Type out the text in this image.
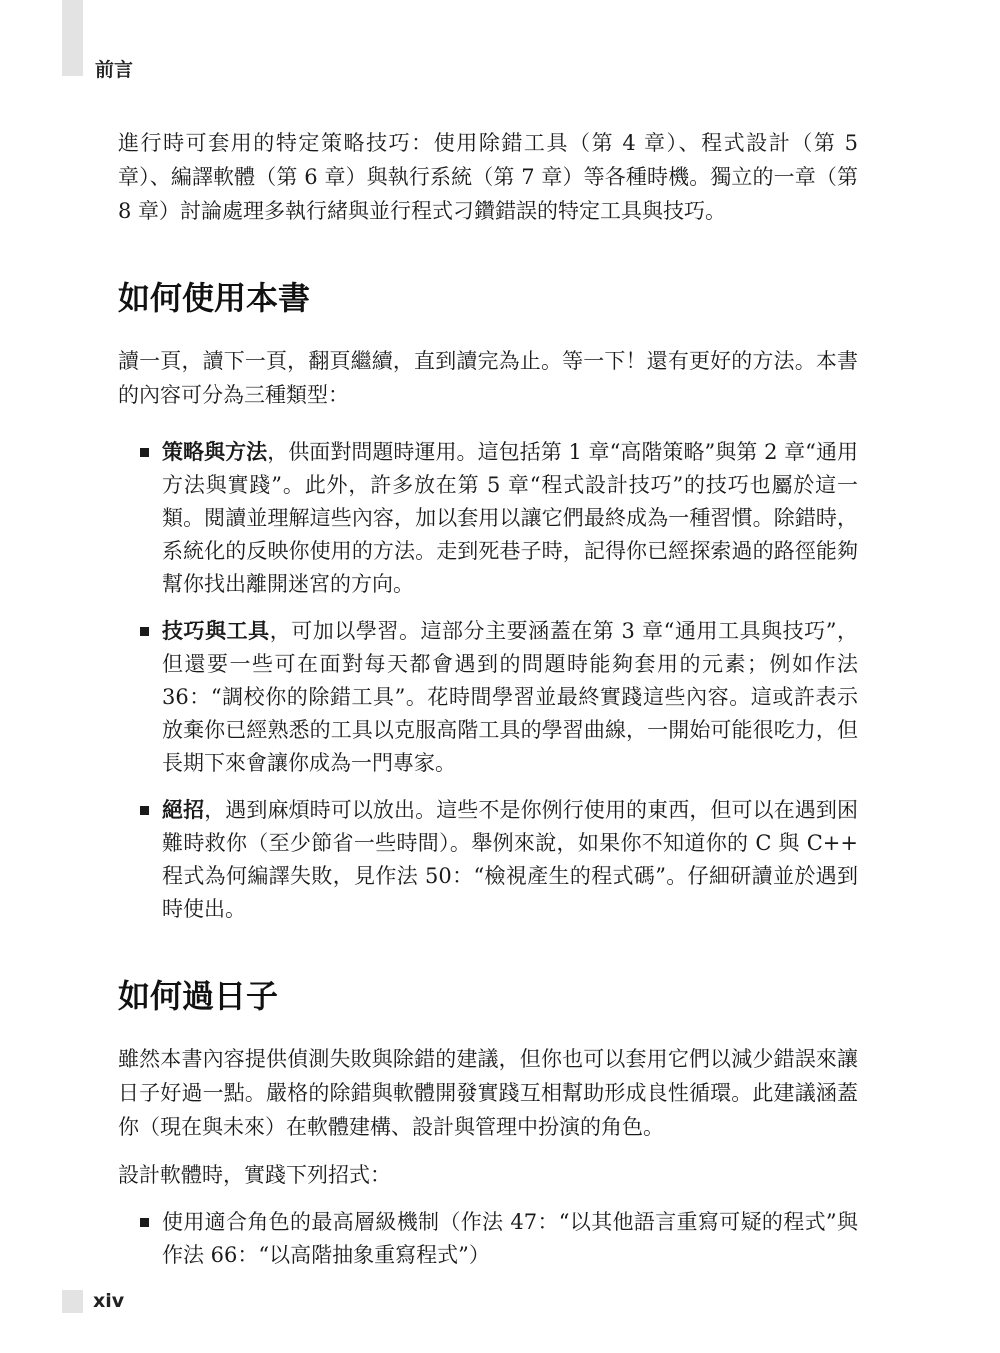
前言

進行時可套用的特定策略技巧：使用除錯工具（第 4 章）、程式設計（第 5 章）、編譯軟體（第 6 章）與執行系統（第 7 章）等各種時機。獨立的一章（第 8 章）討論處理多執行緒與並行程式刁鑽錯誤的特定工具與技巧。

如何使用本書

讀一頁，讀下一頁，翻頁繼續，直到讀完為止。等一下！還有更好的方法。本書的內容可分為三種類型：

策略與方法，供面對問題時運用。這包括第 1 章“高階策略”與第 2 章“通用方法與實踐”。此外，許多放在第 5 章“程式設計技巧”的技巧也屬於這一類。閱讀並理解這些內容，加以套用以讓它們最終成為一種習慣。除錯時，系統化的反映你使用的方法。走到死巷子時，記得你已經探索過的路徑能夠幫你找出離開迷宮的方向。
技巧與工具，可加以學習。這部分主要涵蓋在第 3 章“通用工具與技巧”，但還要一些可在面對每天都會遇到的問題時能夠套用的元素；例如作法 36：“調校你的除錯工具”。花時間學習並最終實踐這些內容。這或許表示放棄你已經熟悉的工具以克服高階工具的學習曲線，一開始可能很吃力，但長期下來會讓你成為一門專家。
絕招，遇到麻煩時可以放出。這些不是你例行使用的東西，但可以在遇到困難時救你（至少節省一些時間）。舉例來說，如果你不知道你的 C 與 C++ 程式為何編譯失敗，見作法 50：“檢視產生的程式碼”。仔細研讀並於遇到時使出。
如何過日子

雖然本書內容提供偵測失敗與除錯的建議，但你也可以套用它們以減少錯誤來讓日子好過一點。嚴格的除錯與軟體開發實踐互相幫助形成良性循環。此建議涵蓋你（現在與未來）在軟體建構、設計與管理中扮演的角色。

設計軟體時，實踐下列招式：

使用適合角色的最高層級機制（作法 47：“以其他語言重寫可疑的程式”與作法 66：“以高階抽象重寫程式”）
xiv
